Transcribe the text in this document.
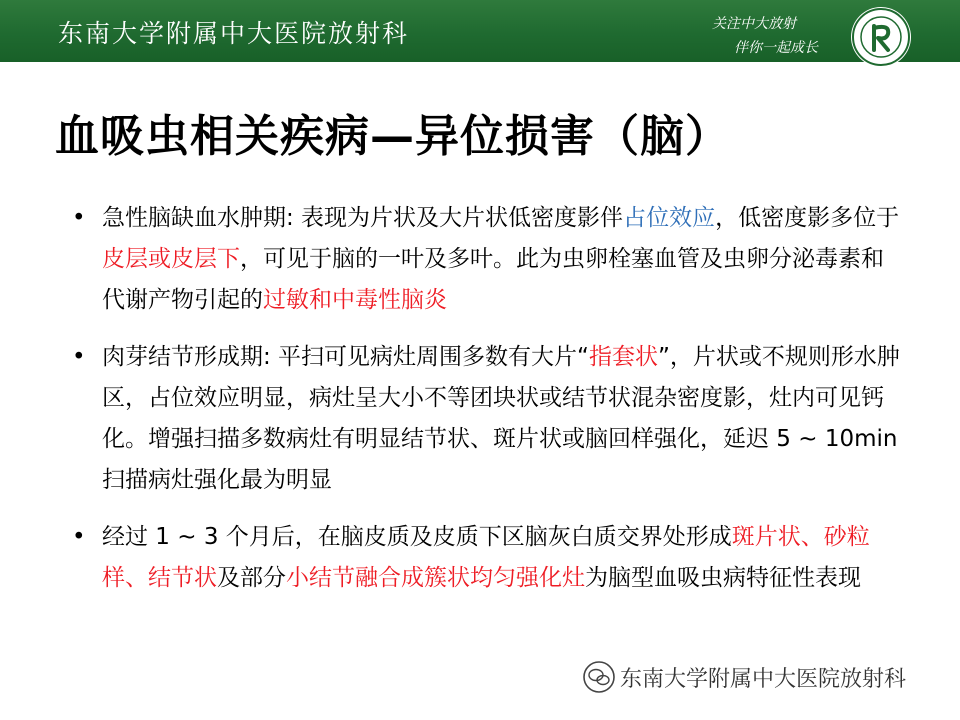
东南大学附属中大医院放射科	关注中大放射
伴你一起成长
血吸虫相关疾病—异位损害（脑）
• 急性脑缺血水肿期: 表现为片状及大片状低密度影伴占位效应，低密度影多位于皮层或皮层下，可见于脑的一叶及多叶。此为虫卵栓塞血管及虫卵分泌毒素和代谢产物引起的过敏和中毒性脑炎
• 肉芽结节形成期: 平扫可见病灶周围多数有大片“指套状”，片状或不规则形水肿区，占位效应明显，病灶呈大小不等团块状或结节状混杂密度影，灶内可见钙化。增强扫描多数病灶有明显结节状、斑片状或脑回样强化，延迟 5 ~ 10min扫描病灶强化最为明显
• 经过 1 ~ 3 个月后，在脑皮质及皮质下区脑灰白质交界处形成斑片状、砂粒样、结节状及部分小结节融合成簇状均匀强化灶为脑型血吸虫病特征性表现
东南大学附属中大医院放射科
